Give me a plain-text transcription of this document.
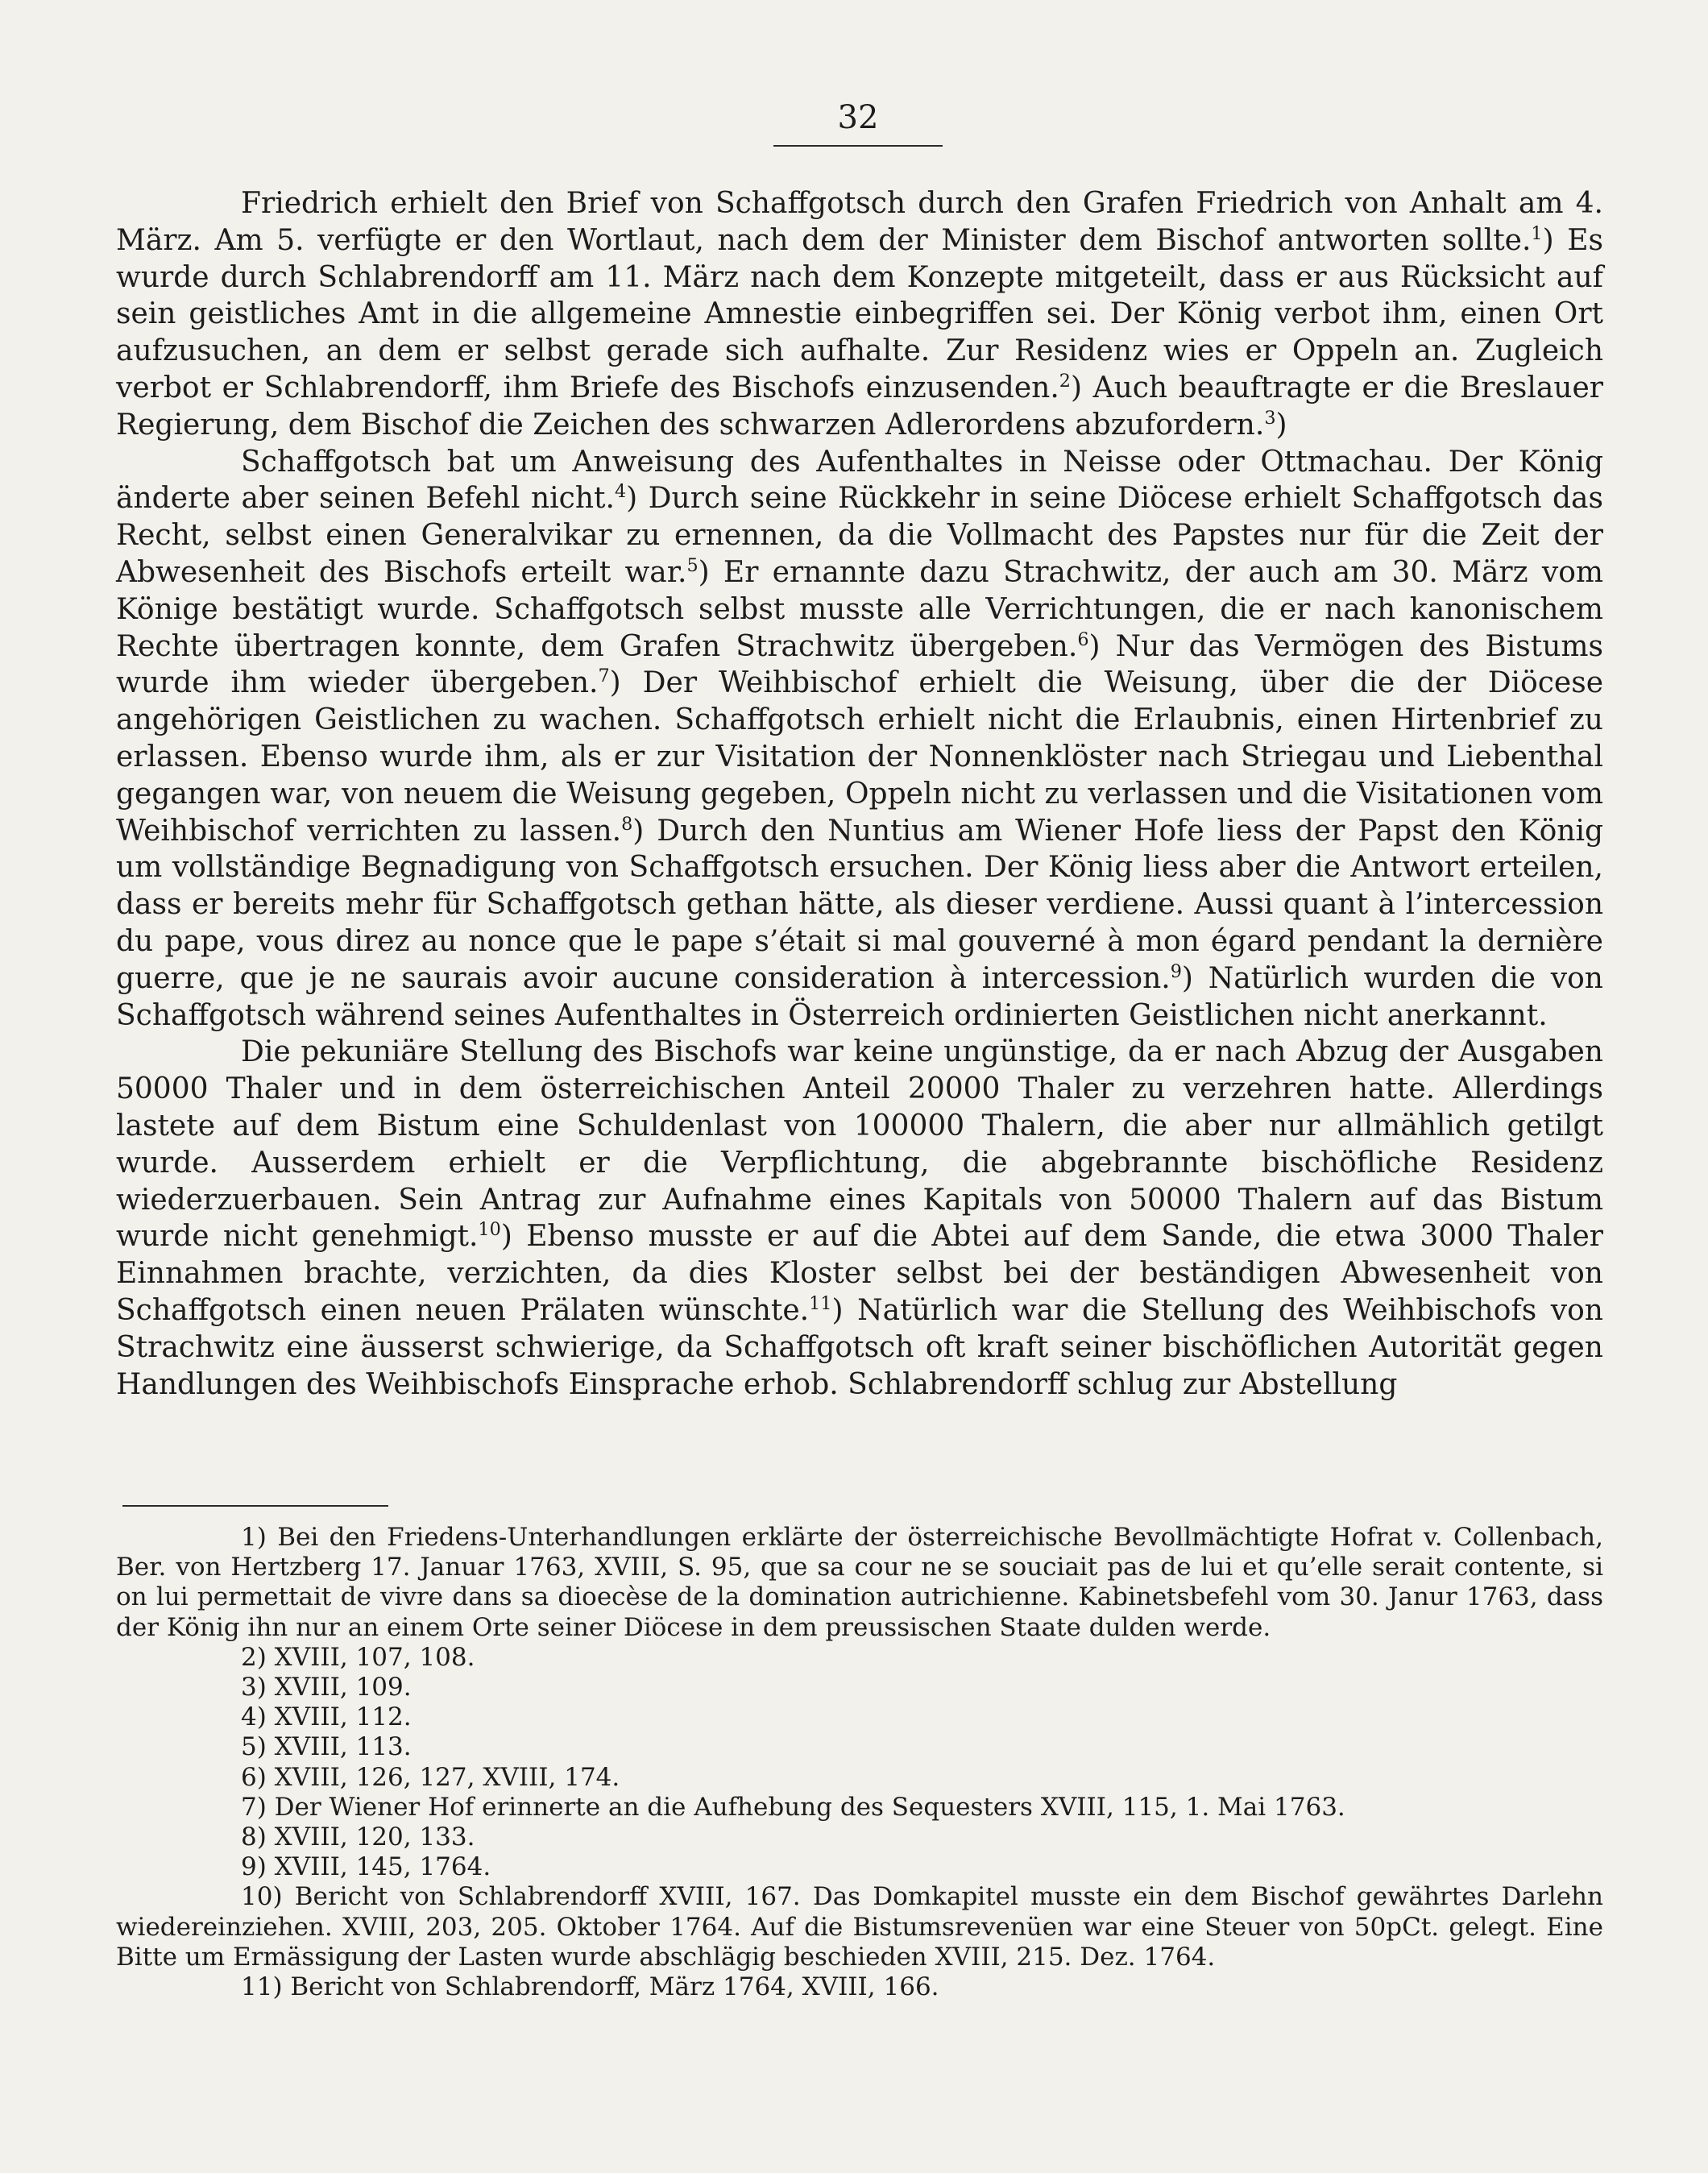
32

Friedrich erhielt den Brief von Schaffgotsch durch den Grafen Friedrich von Anhalt am 4. März. Am 5. verfügte er den Wortlaut, nach dem der Minister dem Bischof antworten sollte.$^1$) Es wurde durch Schlabrendorff am 11. März nach dem Konzepte mitgeteilt, dass er aus Rücksicht auf sein geistliches Amt in die allgemeine Amnestie einbegriffen sei. Der König verbot ihm, einen Ort aufzusuchen, an dem er selbst gerade sich aufhalte. Zur Residenz wies er Oppeln an. Zugleich verbot er Schlabrendorff, ihm Briefe des Bischofs einzusenden.$^2$) Auch beauftragte er die Breslauer Regierung, dem Bischof die Zeichen des schwarzen Adlerordens abzufordern.$^3$)

Schaffgotsch bat um Anweisung des Aufenthaltes in Neisse oder Ottmachau. Der König änderte aber seinen Befehl nicht.$^4$) Durch seine Rückkehr in seine Diöcese erhielt Schaffgotsch das Recht, selbst einen Generalvikar zu ernennen, da die Vollmacht des Papstes nur für die Zeit der Abwesenheit des Bischofs erteilt war.$^5$) Er ernannte dazu Strachwitz, der auch am 30. März vom Könige bestätigt wurde. Schaffgotsch selbst musste alle Verrichtungen, die er nach kanonischem Rechte übertragen konnte, dem Grafen Strachwitz übergeben.$^6$) Nur das Vermögen des Bistums wurde ihm wieder übergeben.$^7$) Der Weihbischof erhielt die Weisung, über die der Diöcese angehörigen Geistlichen zu wachen. Schaffgotsch erhielt nicht die Erlaubnis, einen Hirtenbrief zu erlassen. Ebenso wurde ihm, als er zur Visitation der Nonnenklöster nach Striegau und Liebenthal gegangen war, von neuem die Weisung gegeben, Oppeln nicht zu verlassen und die Visitationen vom Weihbischof verrichten zu lassen.$^8$) Durch den Nuntius am Wiener Hofe liess der Papst den König um vollständige Begnadigung von Schaffgotsch ersuchen. Der König liess aber die Antwort erteilen, dass er bereits mehr für Schaffgotsch gethan hätte, als dieser verdiene. Aussi quant à l’intercession du pape, vous direz au nonce que le pape s’était si mal gouverné à mon égard pendant la dernière guerre, que je ne saurais avoir aucune consideration à intercession.$^9$) Natürlich wurden die von Schaffgotsch während seines Aufenthaltes in Österreich ordinierten Geistlichen nicht anerkannt.

Die pekuniäre Stellung des Bischofs war keine ungünstige, da er nach Abzug der Ausgaben 50000 Thaler und in dem österreichischen Anteil 20000 Thaler zu verzehren hatte. Allerdings lastete auf dem Bistum eine Schuldenlast von 100000 Thalern, die aber nur allmählich getilgt wurde. Ausserdem erhielt er die Verpflichtung, die abgebrannte bischöfliche Residenz wiederzuerbauen. Sein Antrag zur Aufnahme eines Kapitals von 50000 Thalern auf das Bistum wurde nicht genehmigt.$^{10}$) Ebenso musste er auf die Abtei auf dem Sande, die etwa 3000 Thaler Einnahmen brachte, verzichten, da dies Kloster selbst bei der beständigen Abwesenheit von Schaffgotsch einen neuen Prälaten wünschte.$^{11}$) Natürlich war die Stellung des Weihbischofs von Strachwitz eine äusserst schwierige, da Schaffgotsch oft kraft seiner bischöflichen Autorität gegen Handlungen des Weihbischofs Einsprache erhob. Schlabrendorff schlug zur Abstellung

1) Bei den Friedens-Unterhandlungen erklärte der österreichische Bevollmächtigte Hofrat v. Collenbach, Ber. von Hertzberg 17. Januar 1763, XVIII, S. 95, que sa cour ne se souciait pas de lui et qu’elle serait contente, si on lui permettait de vivre dans sa dioecèse de la domination autrichienne. Kabinetsbefehl vom 30. Janur 1763, dass der König ihn nur an einem Orte seiner Diöcese in dem preussischen Staate dulden werde.

2) XVIII, 107, 108.

3) XVIII, 109.

4) XVIII, 112.

5) XVIII, 113.

6) XVIII, 126, 127, XVIII, 174.

7) Der Wiener Hof erinnerte an die Aufhebung des Sequesters XVIII, 115, 1. Mai 1763.

8) XVIII, 120, 133.

9) XVIII, 145, 1764.

10) Bericht von Schlabrendorff XVIII, 167. Das Domkapitel musste ein dem Bischof gewährtes Darlehn wiedereinziehen. XVIII, 203, 205. Oktober 1764. Auf die Bistumsrevenüen war eine Steuer von 50pCt. gelegt. Eine Bitte um Ermässigung der Lasten wurde abschlägig beschieden XVIII, 215. Dez. 1764.

11) Bericht von Schlabrendorff, März 1764, XVIII, 166.
